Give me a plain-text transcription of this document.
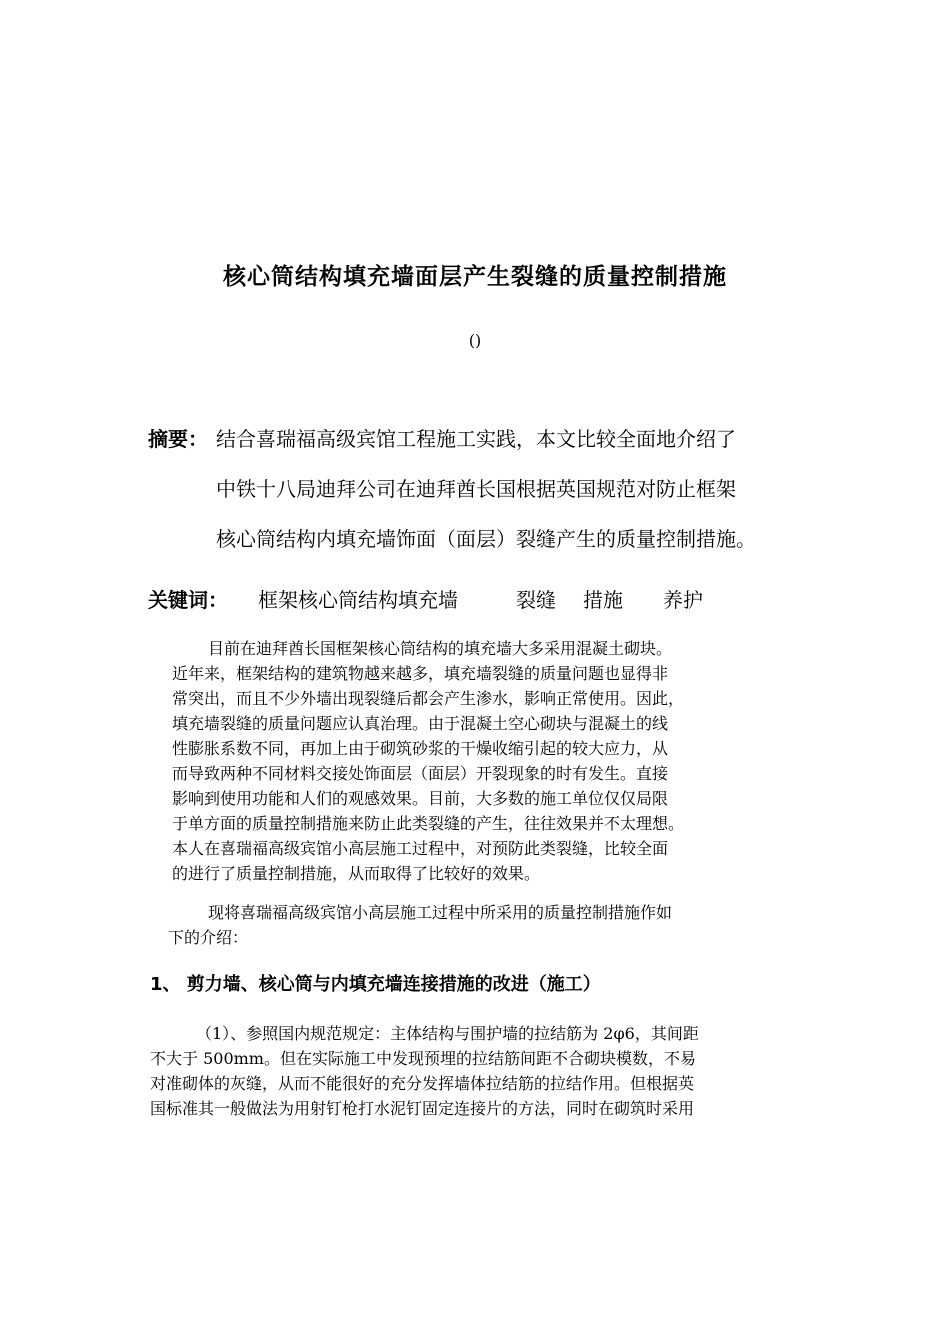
核心筒结构填充墙面层产生裂缝的质量控制措施
()
摘要： 结合喜瑞福高级宾馆工程施工实践，本文比较全面地介绍了
中铁十八局迪拜公司在迪拜酋长国根据英国规范对防止框架
核心筒结构内填充墙饰面（面层）裂缝产生的质量控制措施。
关键词： 框架核心筒结构填充墙	裂缝 措施 养护
目前在迪拜酋长国框架核心筒结构的填充墙大多采用混凝土砌块。
近年来，框架结构的建筑物越来越多，填充墙裂缝的质量问题也显得非
常突出，而且不少外墙出现裂缝后都会产生渗水，影响正常使用。因此，
填充墙裂缝的质量问题应认真治理。由于混凝土空心砌块与混凝土的线
性膨胀系数不同，再加上由于砌筑砂浆的干燥收缩引起的较大应力，从
而导致两种不同材料交接处饰面层（面层）开裂现象的时有发生。直接
影响到使用功能和人们的观感效果。目前，大多数的施工单位仅仅局限
于单方面的质量控制措施来防止此类裂缝的产生，往往效果并不太理想。
本人在喜瑞福高级宾馆小高层施工过程中，对预防此类裂缝，比较全面
的进行了质量控制措施，从而取得了比较好的效果。
现将喜瑞福高级宾馆小高层施工过程中所采用的质量控制措施作如
下的介绍：
1、 剪力墙、核心筒与内填充墙连接措施的改进（施工）
（1）、参照国内规范规定：主体结构与围护墙的拉结筋为 2φ6，其间距
不大于 500mm。但在实际施工中发现预埋的拉结筋间距不合砌块模数，不易
对准砌体的灰缝，从而不能很好的充分发挥墙体拉结筋的拉结作用。但根据英
国标准其一般做法为用射钉枪打水泥钉固定连接片的方法，同时在砌筑时采用
